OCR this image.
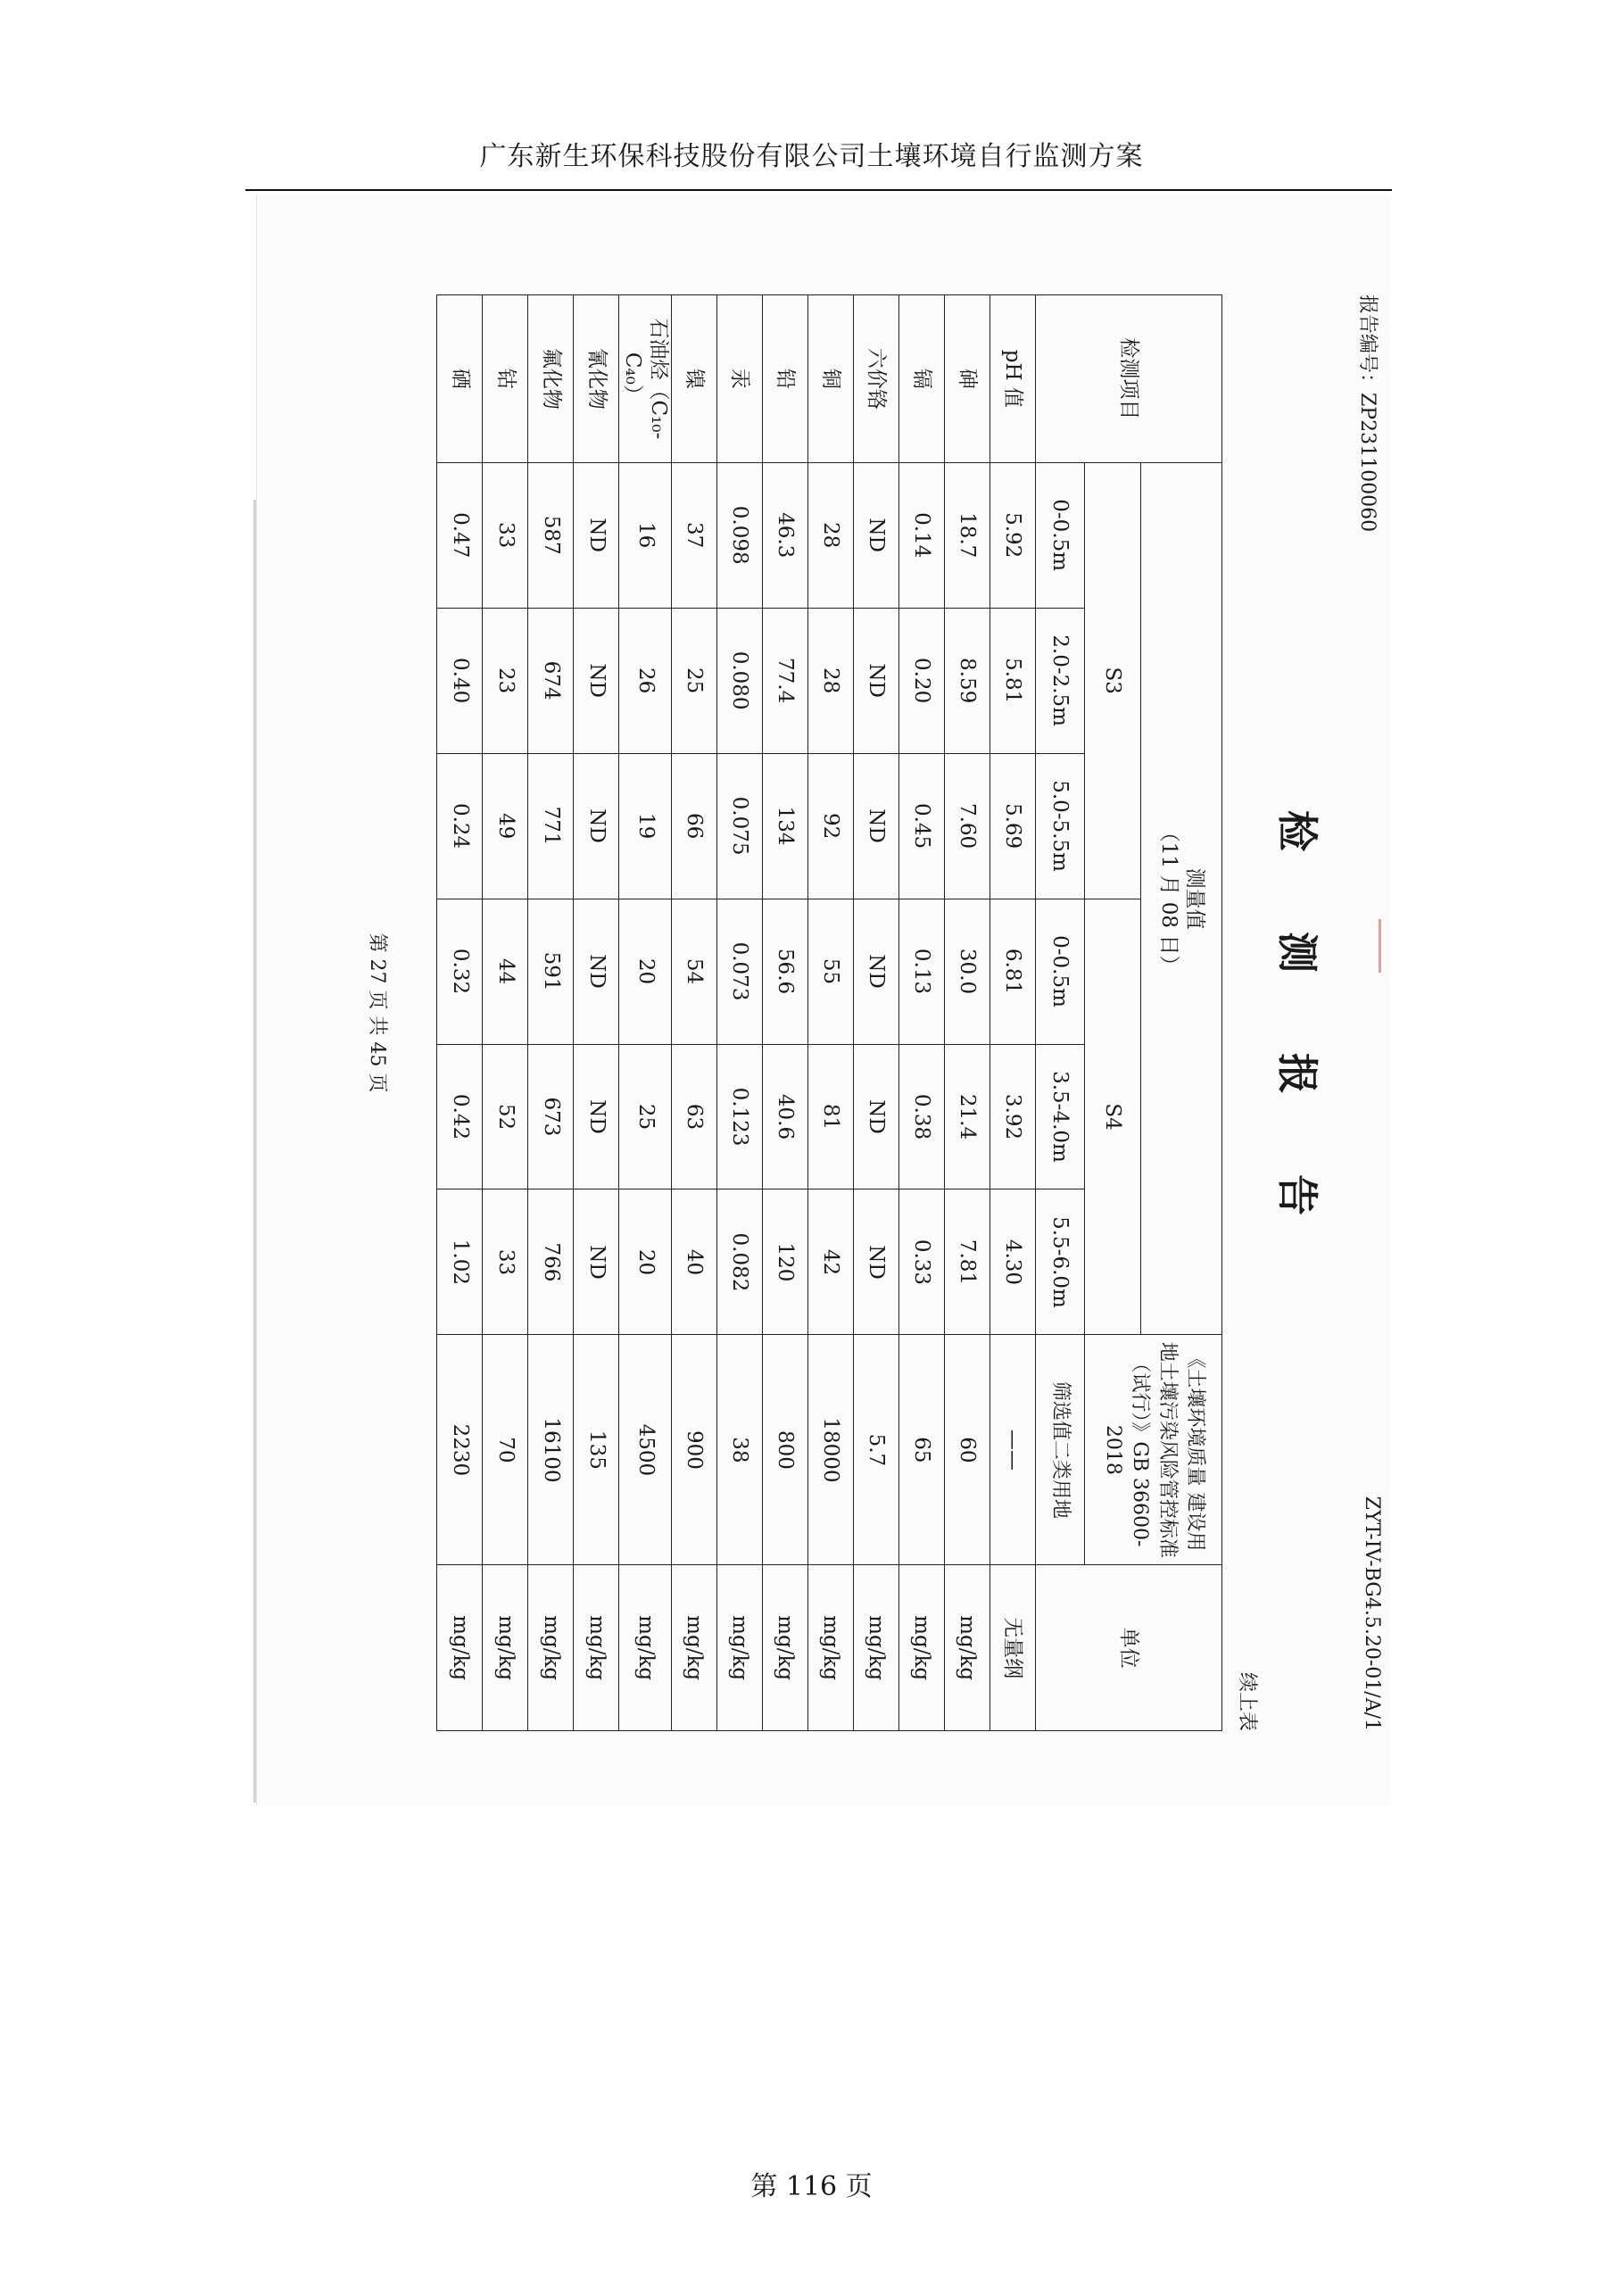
广东新生环保科技股份有限公司土壤环境自行监测方案
报告编号：ZP231100060
ZYT-IV-BG4.5.20-01/A/1
检测报告
续上表
检测项目	测量值
（11 月 08 日）						《土壤环境质量 建设用地土壤污染风险管控标准（试行）》GB 36600-2018	单位
	S3			S4				
	0-0.5m	2.0-2.5m	5.0-5.5m	0-0.5m	3.5-4.0m	5.5-6.0m	筛选值二类用地	
pH 值	5.92	5.81	5.69	6.81	3.92	4.30	——	无量纲
砷	18.7	8.59	7.60	30.0	21.4	7.81	60	mg/kg
镉	0.14	0.20	0.45	0.13	0.38	0.33	65	mg/kg
六价铬	ND	ND	ND	ND	ND	ND	5.7	mg/kg
铜	28	28	92	55	81	42	18000	mg/kg
铅	46.3	77.4	134	56.6	40.6	120	800	mg/kg
汞	0.098	0.080	0.075	0.073	0.123	0.082	38	mg/kg
镍	37	25	66	54	63	40	900	mg/kg
石油烃（C₁₀-C₄₀）	16	26	19	20	25	20	4500	mg/kg
氰化物	ND	ND	ND	ND	ND	ND	135	mg/kg
氟化物	587	674	771	591	673	766	16100	mg/kg
钴	33	23	49	44	52	33	70	mg/kg
硒	0.47	0.40	0.24	0.32	0.42	1.02	2230	mg/kg
第 27 页 共 45 页
第 116 页
